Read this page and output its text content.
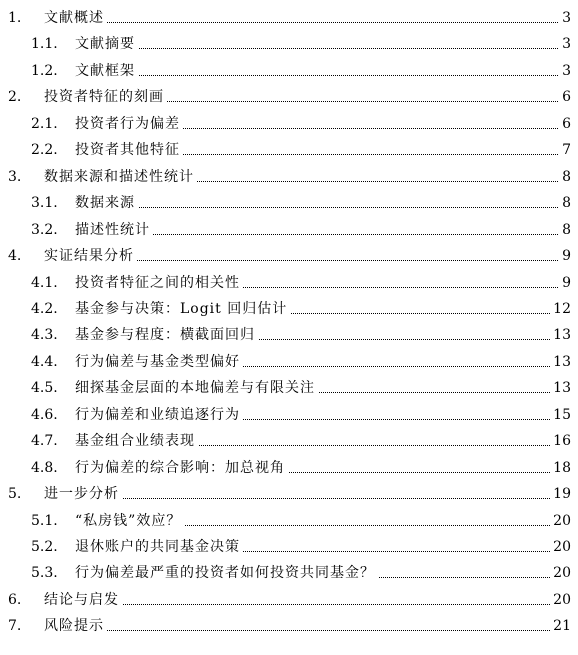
1. 文献概述	3
1.1. 文献摘要	3
1.2. 文献框架	3
2. 投资者特征的刻画	6
2.1. 投资者行为偏差	6
2.2. 投资者其他特征	7
3. 数据来源和描述性统计	8
3.1. 数据来源	8
3.2. 描述性统计	8
4. 实证结果分析	9
4.1. 投资者特征之间的相关性	9
4.2. 基金参与决策：Logit 回归估计	12
4.3. 基金参与程度：横截面回归	13
4.4. 行为偏差与基金类型偏好	13
4.5. 细探基金层面的本地偏差与有限关注	13
4.6. 行为偏差和业绩追逐行为	15
4.7. 基金组合业绩表现	16
4.8. 行为偏差的综合影响：加总视角	18
5. 进一步分析	19
5.1. “私房钱”效应？	20
5.2. 退休账户的共同基金决策	20
5.3. 行为偏差最严重的投资者如何投资共同基金？	20
6. 结论与启发	20
7. 风险提示	21
